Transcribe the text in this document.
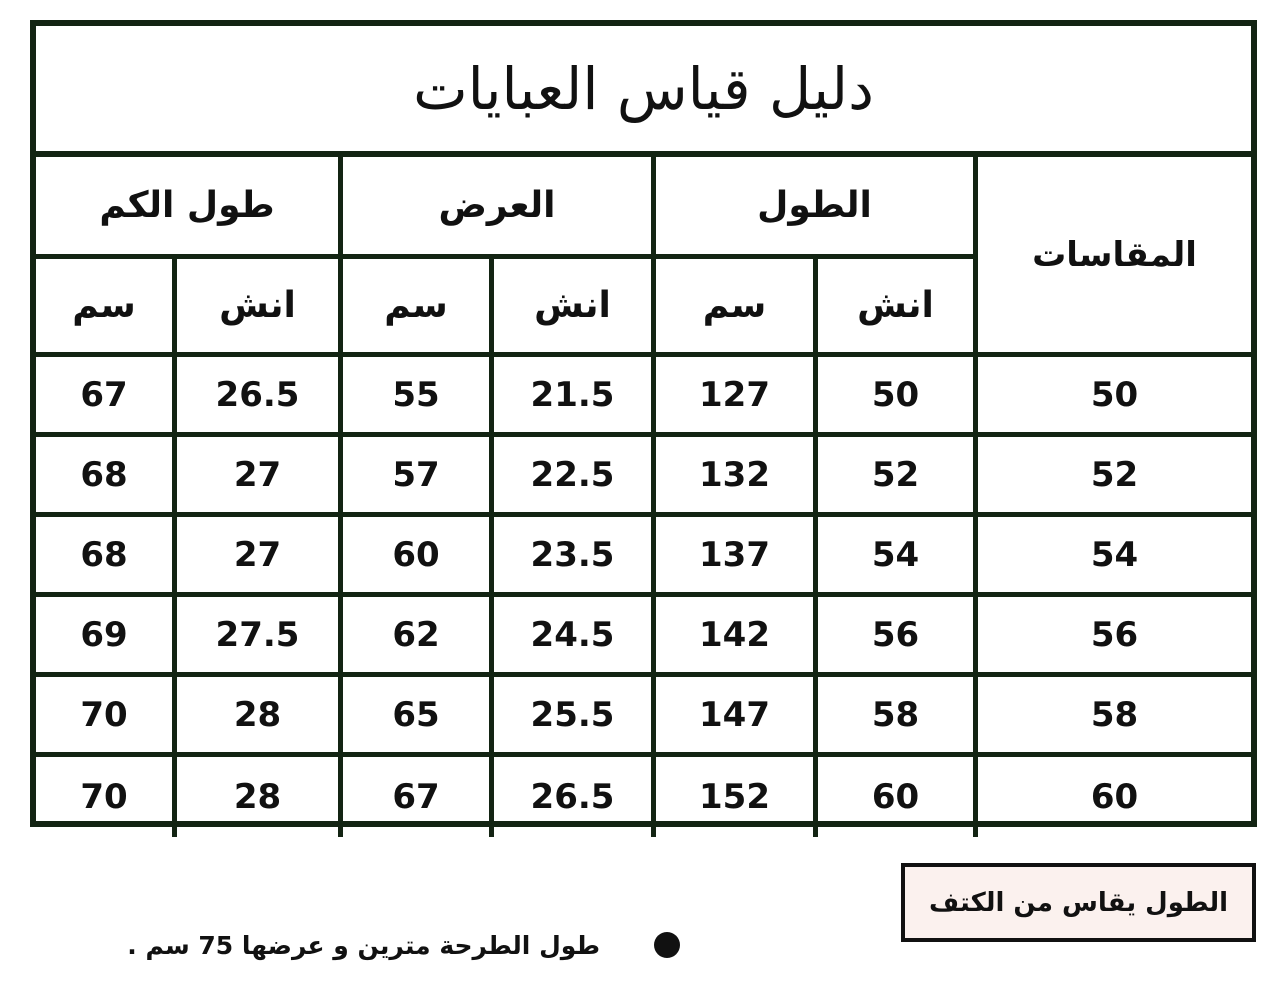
دليل قياس العبايات
طول الكم	العرض	الطول
المقاسات
سم	انش	سم	انش	سم	انش
67	26.5	55	21.5	127	50	50
68	27	57	22.5	132	52	52
68	27	60	23.5	137	54	54
69	27.5	62	24.5	142	56	56
70	28	65	25.5	147	58	58
70	28	67	26.5	152	60	60
الطول يقاس من الكتف
طول الطرحة مترين و عرضها 75 سم .
